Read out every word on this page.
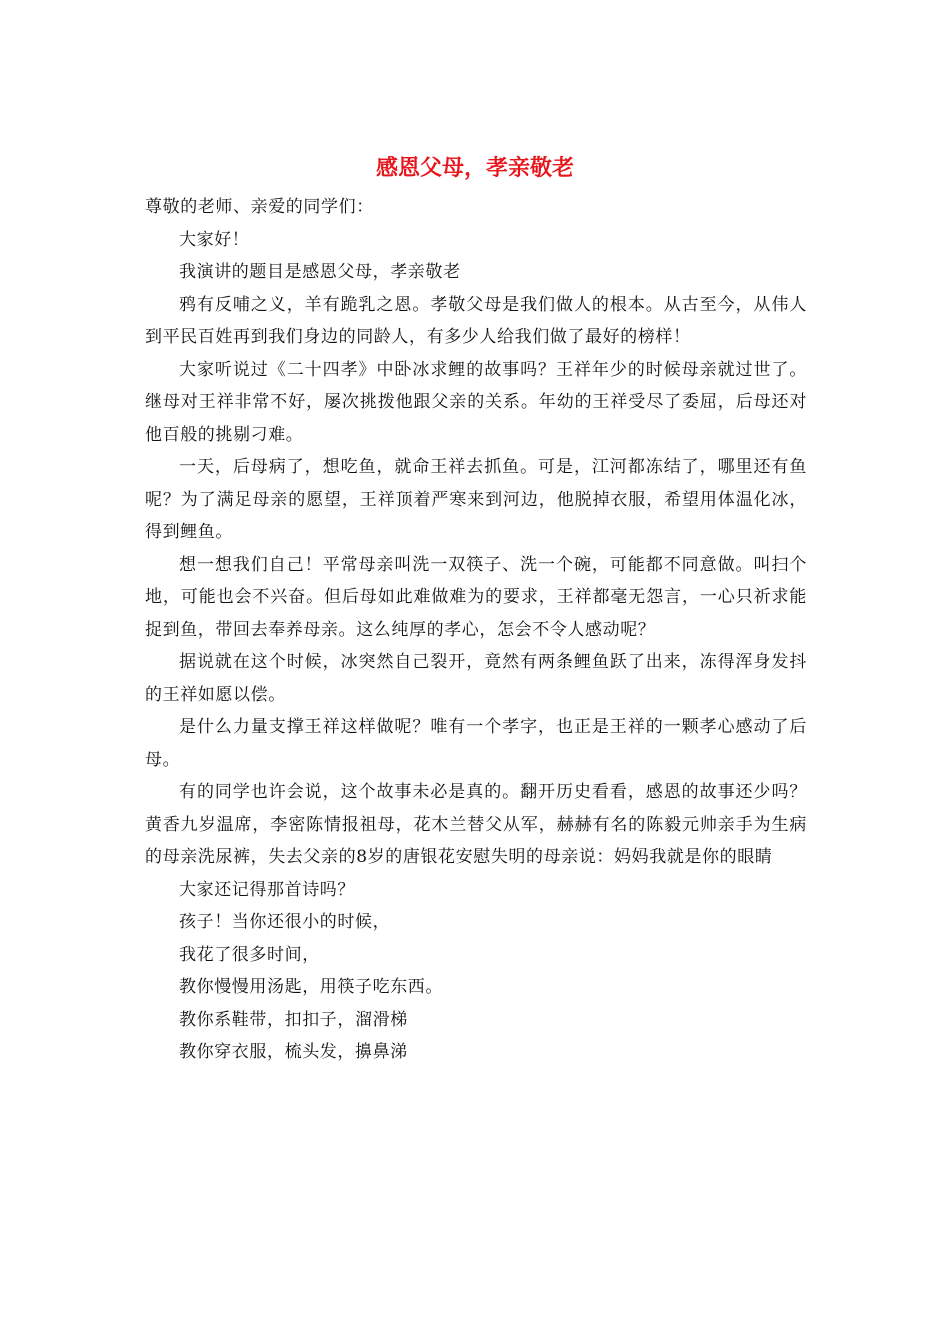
感恩父母，孝亲敬老

尊敬的老师、亲爱的同学们：

大家好！

我演讲的题目是感恩父母，孝亲敬老

鸦有反哺之义，羊有跪乳之恩。孝敬父母是我们做人的根本。从古至今，从伟人到平民百姓再到我们身边的同龄人，有多少人给我们做了最好的榜样！

大家听说过《二十四孝》中卧冰求鲤的故事吗？王祥年少的时候母亲就过世了。继母对王祥非常不好，屡次挑拨他跟父亲的关系。年幼的王祥受尽了委屈，后母还对他百般的挑剔刁难。

一天，后母病了，想吃鱼，就命王祥去抓鱼。可是，江河都冻结了，哪里还有鱼呢？为了满足母亲的愿望，王祥顶着严寒来到河边，他脱掉衣服，希望用体温化冰，得到鲤鱼。

想一想我们自己！平常母亲叫洗一双筷子、洗一个碗，可能都不同意做。叫扫个地，可能也会不兴奋。但后母如此难做难为的要求，王祥都毫无怨言，一心只祈求能捉到鱼，带回去奉养母亲。这么纯厚的孝心，怎会不令人感动呢？

据说就在这个时候，冰突然自己裂开，竟然有两条鲤鱼跃了出来，冻得浑身发抖的王祥如愿以偿。

是什么力量支撑王祥这样做呢？唯有一个孝字，也正是王祥的一颗孝心感动了后母。

有的同学也许会说，这个故事未必是真的。翻开历史看看，感恩的故事还少吗？黄香九岁温席，李密陈情报祖母，花木兰替父从军，赫赫有名的陈毅元帅亲手为生病的母亲洗尿裤，失去父亲的8岁的唐银花安慰失明的母亲说：妈妈我就是你的眼睛

大家还记得那首诗吗？

孩子！当你还很小的时候，

我花了很多时间，

教你慢慢用汤匙，用筷子吃东西。

教你系鞋带，扣扣子，溜滑梯

教你穿衣服，梳头发，擤鼻涕
